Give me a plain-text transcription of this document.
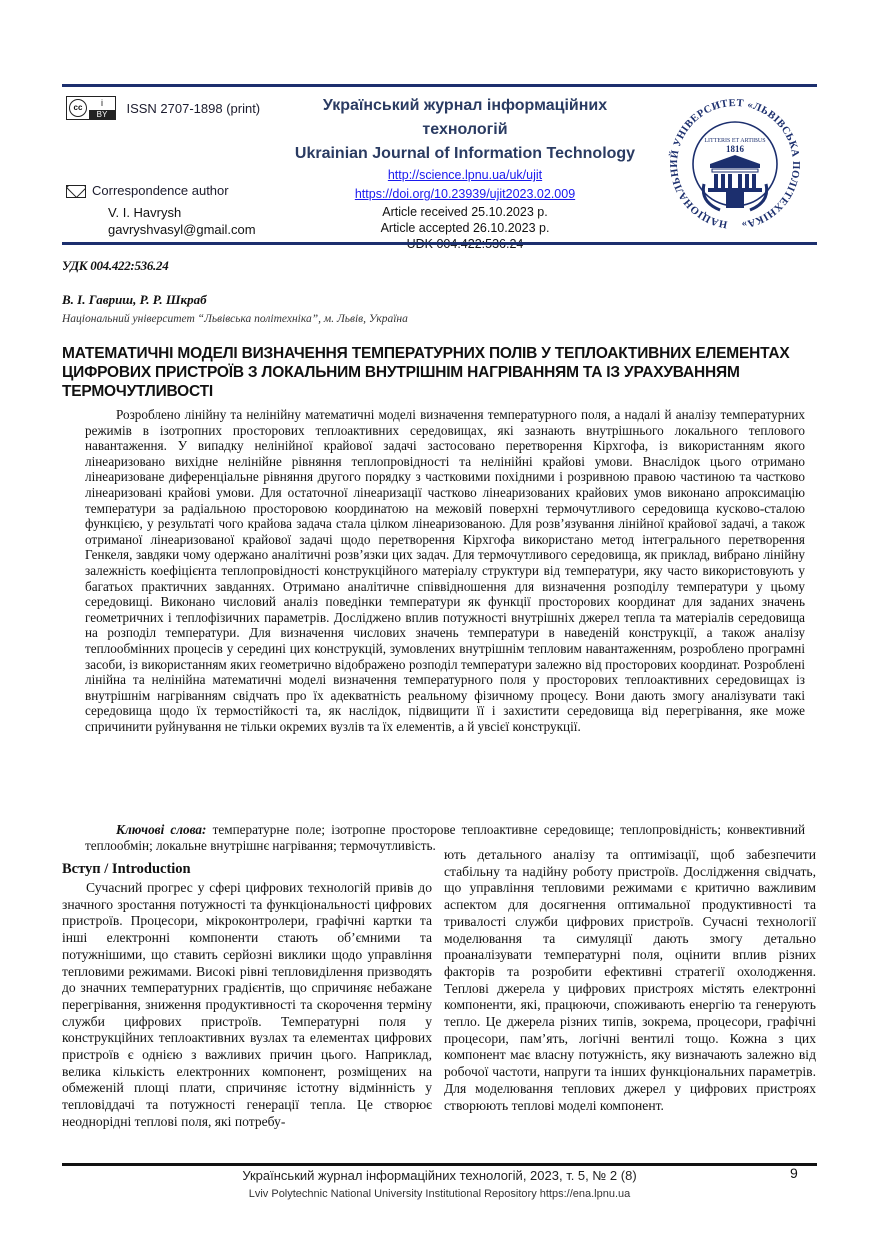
cc	i
BY	ISSN 2707-1898 (print)
Correspondence author
V. I. Havrysh
gavryshvasyl@gmail.com
Український журнал інформаційних технологій
Ukrainian Journal of Information Technology
http://science.lpnu.ua/uk/ujit
https://doi.org/10.23939/ujit2023.02.009
Article received 25.10.2023 р.
Article accepted 26.10.2023 р.	НАЦІОНАЛЬНИЙ УНІВЕРСИТЕТ «ЛЬВІВСЬКА ПОЛІТЕХНІКА»
LITTERIS ET ARTIBUS
1816
УДК 004.422:536.24
В. І. Гавриш, Р. Р. Шкраб
Національний університет “Львівська політехніка”, м. Львів, Україна
МАТЕМАТИЧНІ МОДЕЛІ ВИЗНАЧЕННЯ ТЕМПЕРАТУРНИХ ПОЛІВ У ТЕПЛОАКТИВНИХ ЕЛЕМЕНТАХ ЦИФРОВИХ ПРИСТРОЇВ З ЛОКАЛЬНИМ ВНУТРІШНІМ НАГРІВАННЯМ ТА ІЗ УРАХУВАННЯМ ТЕРМОЧУТЛИВОСТІ

Розроблено лінійну та нелінійну математичні моделі визначення температурного поля, а надалі й аналізу температурних режимів в ізотропних просторових теплоактивних середовищах, які зазнають внутрішнього локального теплового навантаження. У випадку нелінійної крайової задачі застосовано перетворення Кірхгофа, із використанням якого лінеаризовано вихідне нелінійне рівняння теплопровідності та нелінійні крайові умови. Внаслідок цього отримано лінеаризоване диференціальне рівняння другого порядку з частковими похідними і розривною правою частиною та частково лінеаризовані крайові умови. Для остаточної лінеаризації частково лінеаризованих крайових умов виконано апроксимацію температури за радіальною просторовою координатою на межовій поверхні термочутливого середовища кусково-сталою функцією, у результаті чого крайова задача стала цілком лінеаризованою. Для розв’язування лінійної крайової задачі, а також отриманої лінеаризованої крайової задачі щодо перетворення Кірхгофа використано метод інтегрального перетворення Генкеля, завдяки чому одержано аналітичні розв’язки цих задач. Для термочутливого середовища, як приклад, вибрано лінійну залежність коефіцієнта теплопровідності конструкційного матеріалу структури від температури, яку часто використовують у багатьох практичних завданнях. Отримано аналітичне співвідношення для визначення розподілу температури у цьому середовищі. Виконано числовий аналіз поведінки температури як функції просторових координат для заданих значень геометричних і теплофізичних параметрів. Досліджено вплив потужності внутрішніх джерел тепла та матеріалів середовища на розподіл температури. Для визначення числових значень температури в наведеній конструкції, а також аналізу теплообмінних процесів у середині цих конструкцій, зумовлених внутрішнім тепловим навантаженням, розроблено програмні засоби, із використанням яких геометрично відображено розподіл температури залежно від просторових координат. Розроблені лінійна та нелінійна математичні моделі визначення температурного поля у просторових теплоактивних середовищах із внутрішнім нагріванням свідчать про їх адекватність реальному фізичному процесу. Вони дають змогу аналізувати такі середовища щодо їх термостійкості та, як наслідок, підвищити її і захистити середовища від перегрівання, яке може спричинити руйнування не тільки окремих вузлів та їх елементів, а й увсієї конструкції.

Ключові слова: температурне поле; ізотропне просторове теплоактивне середовище; теплопровідність; конвективний теплообмін; локальне внутрішнє нагрівання; термочутливість.

Вступ / Introduction

Сучасний прогрес у сфері цифрових технологій привів до значного зростання потужності та функціональності цифрових пристроїв. Процесори, мікроконтролери, графічні картки та інші електронні компоненти стають об’ємними та потужнішими, що ставить серйозні виклики щодо управління тепловими режимами. Високі рівні тепловиділення призводять до значних температурних градієнтів, що спричиняє небажане перегрівання, зниження продуктивності та скорочення терміну служби цифрових пристроїв. Температурні поля у конструкційних теплоактивних вузлах та елементах цифрових пристроїв є однією з важливих причин цього. Наприклад, велика кількість електронних компонент, розміщених на обмеженій площі плати, спричиняє істотну відмінність у тепловіддачі та потужності генерації тепла. Це створює неоднорідні теплові поля, які потребу-

ють детального аналізу та оптимізації, щоб забезпечити стабільну та надійну роботу пристроїв. Дослідження свідчать, що управління тепловими режимами є критично важливим аспектом для досягнення оптимальної продуктивності та тривалості служби цифрових пристроїв. Сучасні технології моделювання та симуляції дають змогу детально проаналізувати температурні поля, оцінити вплив різних факторів та розробити ефективні стратегії охолодження. Теплові джерела у цифрових пристроях містять електронні компоненти, які, працюючи, споживають енергію та генерують тепло. Це джерела різних типів, зокрема, процесори, графічні процесори, пам’ять, логічні вентилі тощо. Кожна з цих компонент має власну потужність, яку визначають залежно від робочої частоти, напруги та інших функціональних параметрів. Для моделювання теплових джерел у цифрових пристроях створюють теплові моделі компонент.

Український журнал інформаційних технологій, 2023, т. 5, № 2 (8)	9
Lviv Polytechnic National University Institutional Repository https://ena.lpnu.ua
